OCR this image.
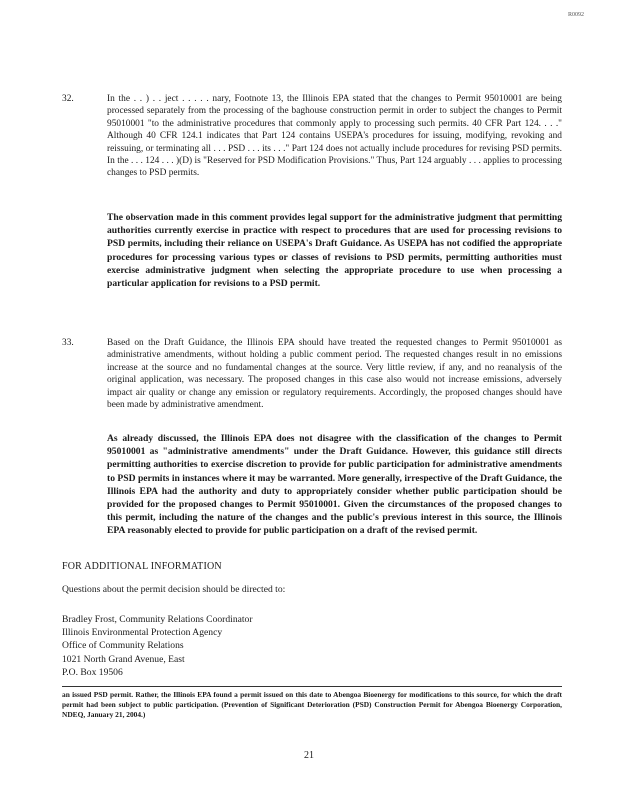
R0092
32.	In the . . ) . . ject . . . . . nary, Footnote 13, the Illinois EPA stated that the changes to Permit 95010001 are being processed separately from the processing of the baghouse construction permit in order to subject the changes to Permit 95010001 "to the administrative procedures that commonly apply to processing such permits. 40 CFR Part 124. . . ." Although 40 CFR 124.1 indicates that Part 124 contains USEPA's procedures for issuing, modifying, revoking and reissuing, or terminating all . . . PSD . . . its . . ." Part 124 does not actually include procedures for revising PSD permits. In the . . . 124 . . . )(D) is "Reserved for PSD Modification Provisions." Thus, Part 124 arguably . . . applies to processing changes to PSD permits.
The observation made in this comment provides legal support for the administrative judgment that permitting authorities currently exercise in practice with respect to procedures that are used for processing revisions to PSD permits, including their reliance on USEPA's Draft Guidance. As USEPA has not codified the appropriate procedures for processing various types or classes of revisions to PSD permits, permitting authorities must exercise administrative judgment when selecting the appropriate procedure to use when processing a particular application for revisions to a PSD permit.
33.	Based on the Draft Guidance, the Illinois EPA should have treated the requested changes to Permit 95010001 as administrative amendments, without holding a public comment period. The requested changes result in no emissions increase at the source and no fundamental changes at the source. Very little review, if any, and no reanalysis of the original application, was necessary. The proposed changes in this case also would not increase emissions, adversely impact air quality or change any emission or regulatory requirements. Accordingly, the proposed changes should have been made by administrative amendment.
As already discussed, the Illinois EPA does not disagree with the classification of the changes to Permit 95010001 as "administrative amendments" under the Draft Guidance. However, this guidance still directs permitting authorities to exercise discretion to provide for public participation for administrative amendments to PSD permits in instances where it may be warranted. More generally, irrespective of the Draft Guidance, the Illinois EPA had the authority and duty to appropriately consider whether public participation should be provided for the proposed changes to Permit 95010001. Given the circumstances of the proposed changes to this permit, including the nature of the changes and the public's previous interest in this source, the Illinois EPA reasonably elected to provide for public participation on a draft of the revised permit.
FOR ADDITIONAL INFORMATION
Questions about the permit decision should be directed to:
Bradley Frost, Community Relations Coordinator
Illinois Environmental Protection Agency
Office of Community Relations
1021 North Grand Avenue, East
P.O. Box 19506
an issued PSD permit. Rather, the Illinois EPA found a permit issued on this date to Abengoa Bioenergy for modifications to this source, for which the draft permit had been subject to public participation. (Prevention of Significant Deterioration (PSD) Construction Permit for Abengoa Bioenergy Corporation, NDEQ, January 21, 2004.)
21
